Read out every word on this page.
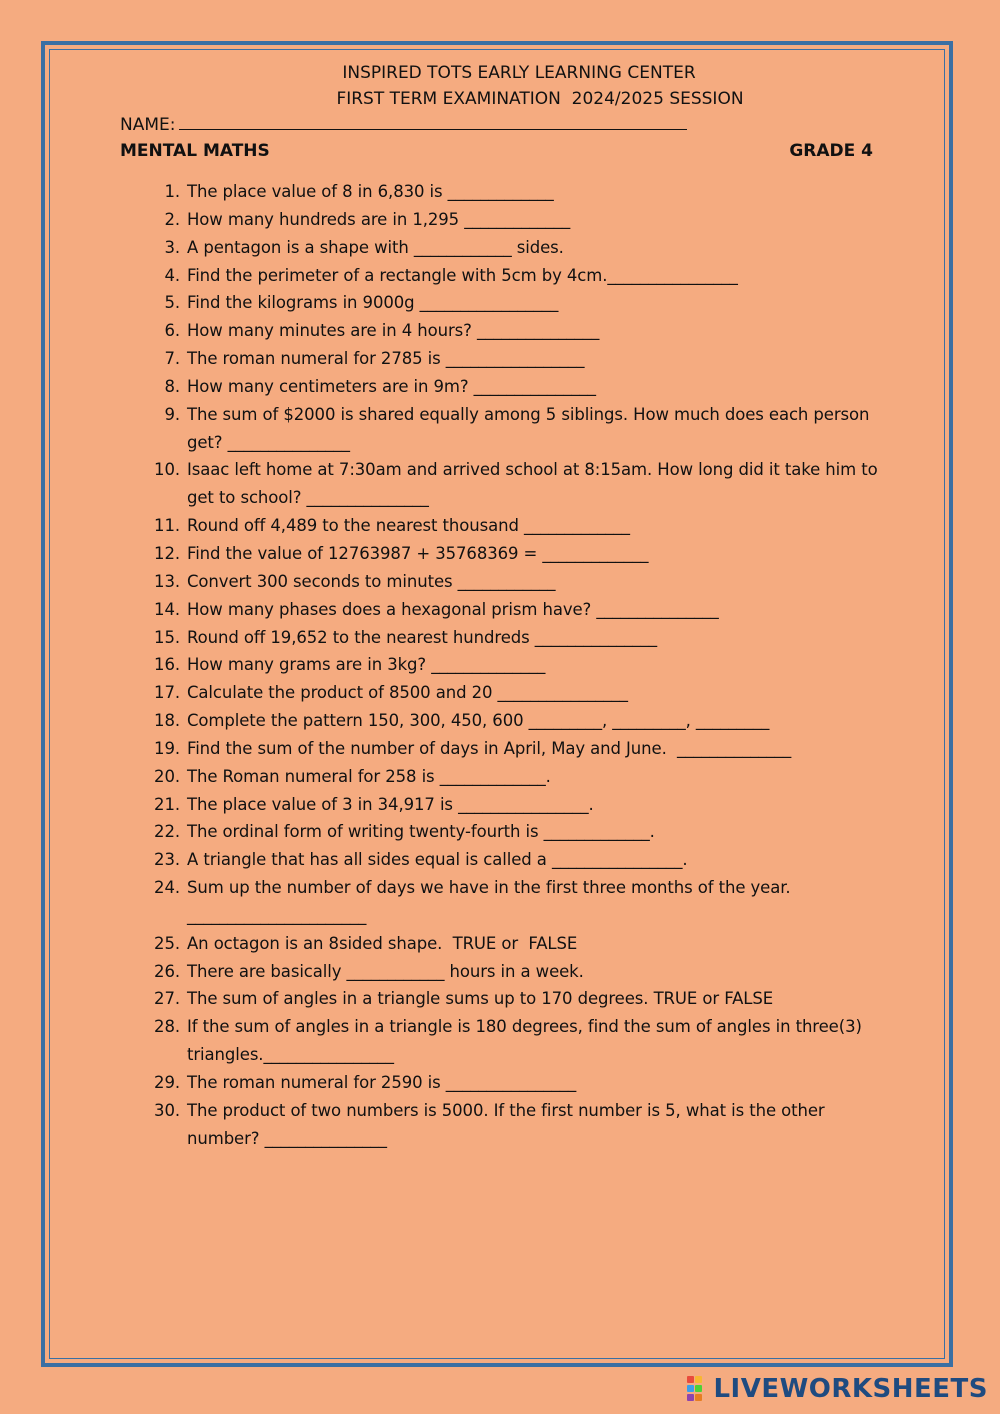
INSPIRED TOTS EARLY LEARNING CENTER
FIRST TERM EXAMINATION  2024/2025 SESSION
NAME:
MENTAL MATHS	GRADE 4
1. The place value of 8 in 6,830 is _____________
2. How many hundreds are in 1,295 _____________
3. A pentagon is a shape with ____________ sides.
4. Find the perimeter of a rectangle with 5cm by 4cm.________________
5. Find the kilograms in 9000g _________________
6. How many minutes are in 4 hours? _______________
7. The roman numeral for 2785 is _________________
8. How many centimeters are in 9m? _______________
9. The sum of $2000 is shared equally among 5 siblings. How much does each person get? _______________
10. Isaac left home at 7:30am and arrived school at 8:15am. How long did it take him to get to school? _______________
11. Round off 4,489 to the nearest thousand _____________
12. Find the value of 12763987 + 35768369 = _____________
13. Convert 300 seconds to minutes ____________
14. How many phases does a hexagonal prism have? _______________
15. Round off 19,652 to the nearest hundreds _______________
16. How many grams are in 3kg? ______________
17. Calculate the product of 8500 and 20 ________________
18. Complete the pattern 150, 300, 450, 600 _________, _________, _________
19. Find the sum of the number of days in April, May and June.  ______________
20. The Roman numeral for 258 is _____________.
21. The place value of 3 in 34,917 is ________________.
22. The ordinal form of writing twenty-fourth is _____________.
23. A triangle that has all sides equal is called a ________________.
24. Sum up the number of days we have in the first three months of the year. ______________________
25. An octagon is an 8sided shape.  TRUE or  FALSE
26. There are basically ____________ hours in a week.
27. The sum of angles in a triangle sums up to 170 degrees. TRUE or FALSE
28. If the sum of angles in a triangle is 180 degrees, find the sum of angles in three(3) triangles.________________
29. The roman numeral for 2590 is ________________
30. The product of two numbers is 5000. If the first number is 5, what is the other number? _______________
LIVEWORKSHEETS
